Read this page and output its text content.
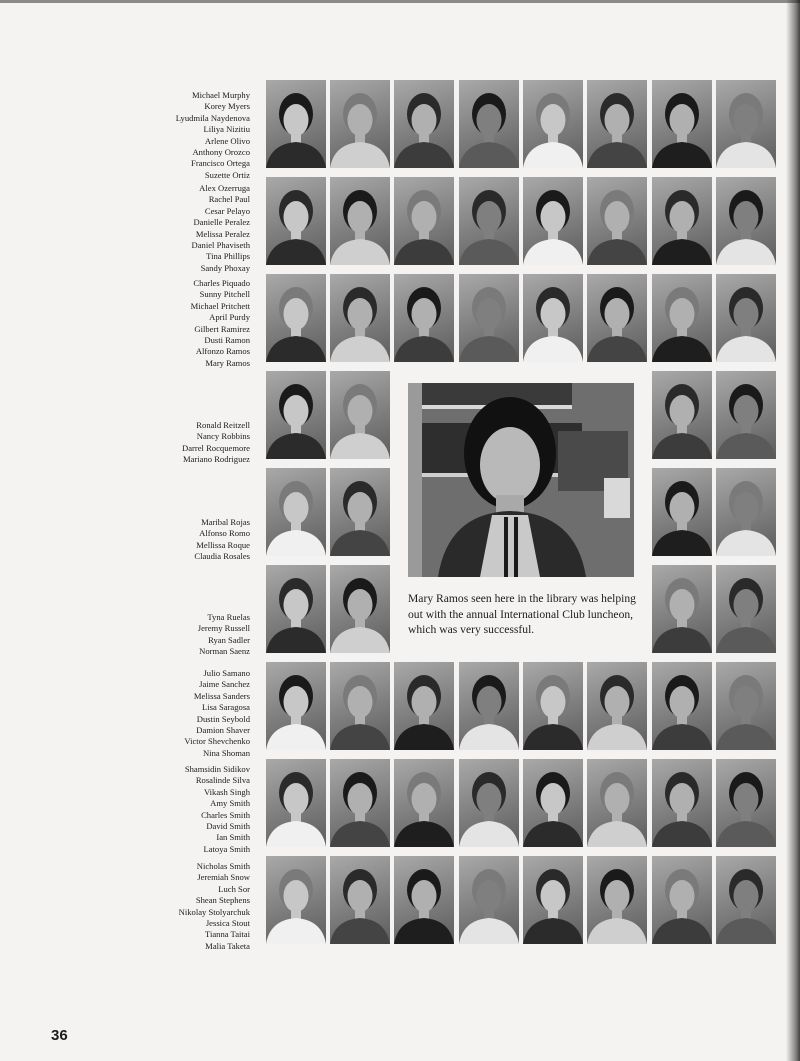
Michael Murphy
Korey Myers
Lyudmila Naydenova
Liliya Nizitiu
Arlene Olivo
Anthony Orozco
Francisco Ortega
Suzette Ortiz
Alex Ozerruga
Rachel Paul
Cesar Pelayo
Danielle Peralez
Melissa Peralez
Daniel Phaviseth
Tina Phillips
Sandy Phoxay
Charles Piquado
Sunny Pitchell
Michael Pritchett
April Purdy
Gilbert Ramirez
Dusti Ramon
Alfonzo Ramos
Mary Ramos
Ronald Reitzell
Nancy Robbins
Darrel Rocquemore
Mariano Rodriguez
Maribal Rojas
Alfonso Romo
Mellissa Roque
Claudia Rosales
Tyna Ruelas
Jeremy Russell
Ryan Sadler
Norman Saenz
Julio Samano
Jaime Sanchez
Melissa Sanders
Lisa Saragosa
Dustin Seybold
Damion Shaver
Victor Shevchenko
Nina Shoman
Shamsidin Sidikov
Rosalinde Silva
Vikash Singh
Amy Smith
Charles Smith
David Smith
Ian Smith
Latoya Smith
Nicholas Smith
Jeremiah Snow
Luch Sor
Shean Stephens
Nikolay Stolyarchuk
Jessica Stout
Tianna Taitai
Malia Taketa

Mary Ramos seen here in the library was helping out with the annual International Club luncheon, which was very successful.

36
